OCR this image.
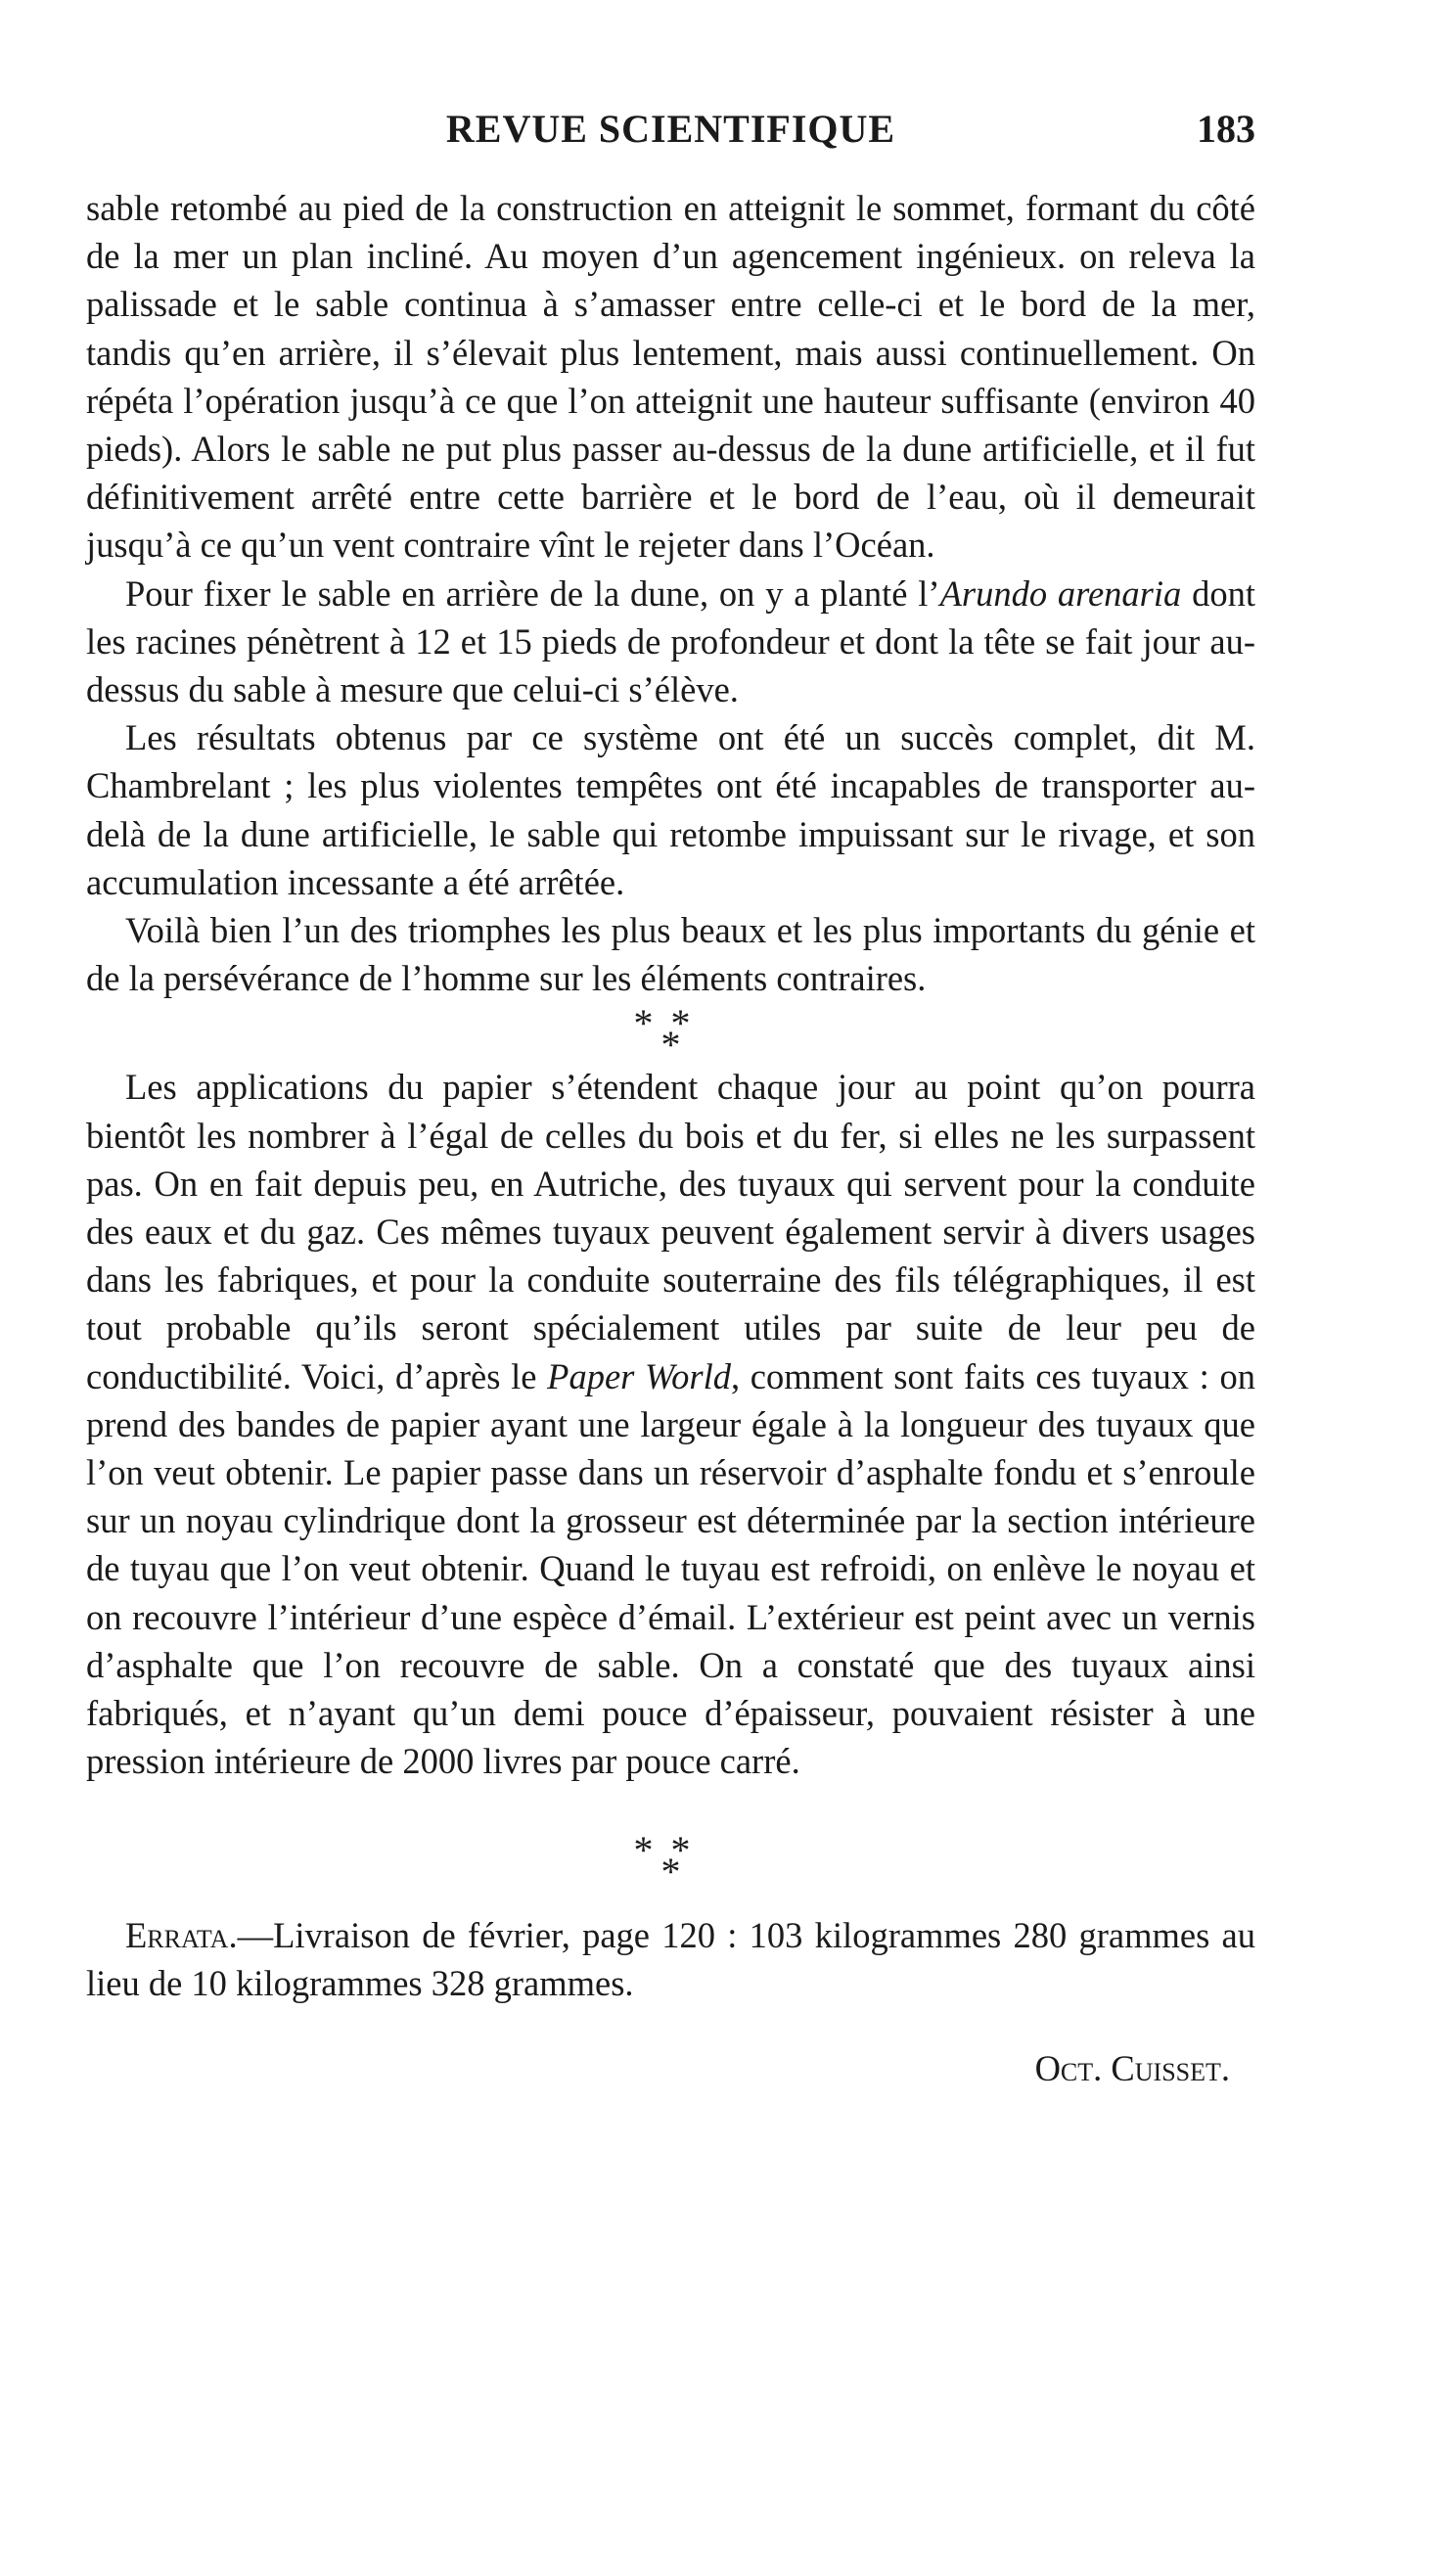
REVUE SCIENTIFIQUE	183

sable retombé au pied de la construction en atteignit le sommet, formant du côté de la mer un plan incliné. Au moyen d’un agencement ingénieux. on releva la palissade et le sable continua à s’amasser entre celle-ci et le bord de la mer, tandis qu’en arrière, il s’élevait plus lentement, mais aussi continuellement. On répéta l’opération jusqu’à ce que l’on atteignit une hauteur suffisante (environ 40 pieds). Alors le sable ne put plus passer au-dessus de la dune artificielle, et il fut définitivement arrêté entre cette barrière et le bord de l’eau, où il demeurait jusqu’à ce qu’un vent contraire vînt le rejeter dans l’Océan.

Pour fixer le sable en arrière de la dune, on y a planté l’Arundo arenaria dont les racines pénètrent à 12 et 15 pieds de profondeur et dont la tête se fait jour au-dessus du sable à mesure que celui-ci s’élève.

Les résultats obtenus par ce système ont été un succès complet, dit M. Chambrelant ; les plus violentes tempêtes ont été incapables de transporter au-delà de la dune artificielle, le sable qui retombe impuissant sur le rivage, et son accumulation incessante a été arrêtée.

Voilà bien l’un des triomphes les plus beaux et les plus importants du génie et de la persévérance de l’homme sur les éléments contraires.

**
*

Les applications du papier s’étendent chaque jour au point qu’on pourra bientôt les nombrer à l’égal de celles du bois et du fer, si elles ne les surpassent pas. On en fait depuis peu, en Autriche, des tuyaux qui servent pour la conduite des eaux et du gaz. Ces mêmes tuyaux peuvent également servir à divers usages dans les fabriques, et pour la conduite souterraine des fils télégraphiques, il est tout probable qu’ils seront spécialement utiles par suite de leur peu de conductibilité. Voici, d’après le Paper World, comment sont faits ces tuyaux : on prend des bandes de papier ayant une largeur égale à la longueur des tuyaux que l’on veut obtenir. Le papier passe dans un réservoir d’asphalte fondu et s’enroule sur un noyau cylindrique dont la grosseur est déterminée par la section intérieure de tuyau que l’on veut obtenir. Quand le tuyau est refroidi, on enlève le noyau et on recouvre l’intérieur d’une espèce d’émail. L’extérieur est peint avec un vernis d’asphalte que l’on recouvre de sable. On a constaté que des tuyaux ainsi fabriqués, et n’ayant qu’un demi pouce d’épaisseur, pouvaient résister à une pression intérieure de 2000 livres par pouce carré.

**
*

Errata.—Livraison de février, page 120 : 103 kilogrammes 280 grammes au lieu de 10 kilogrammes 328 grammes.

Oct. Cuisset.
